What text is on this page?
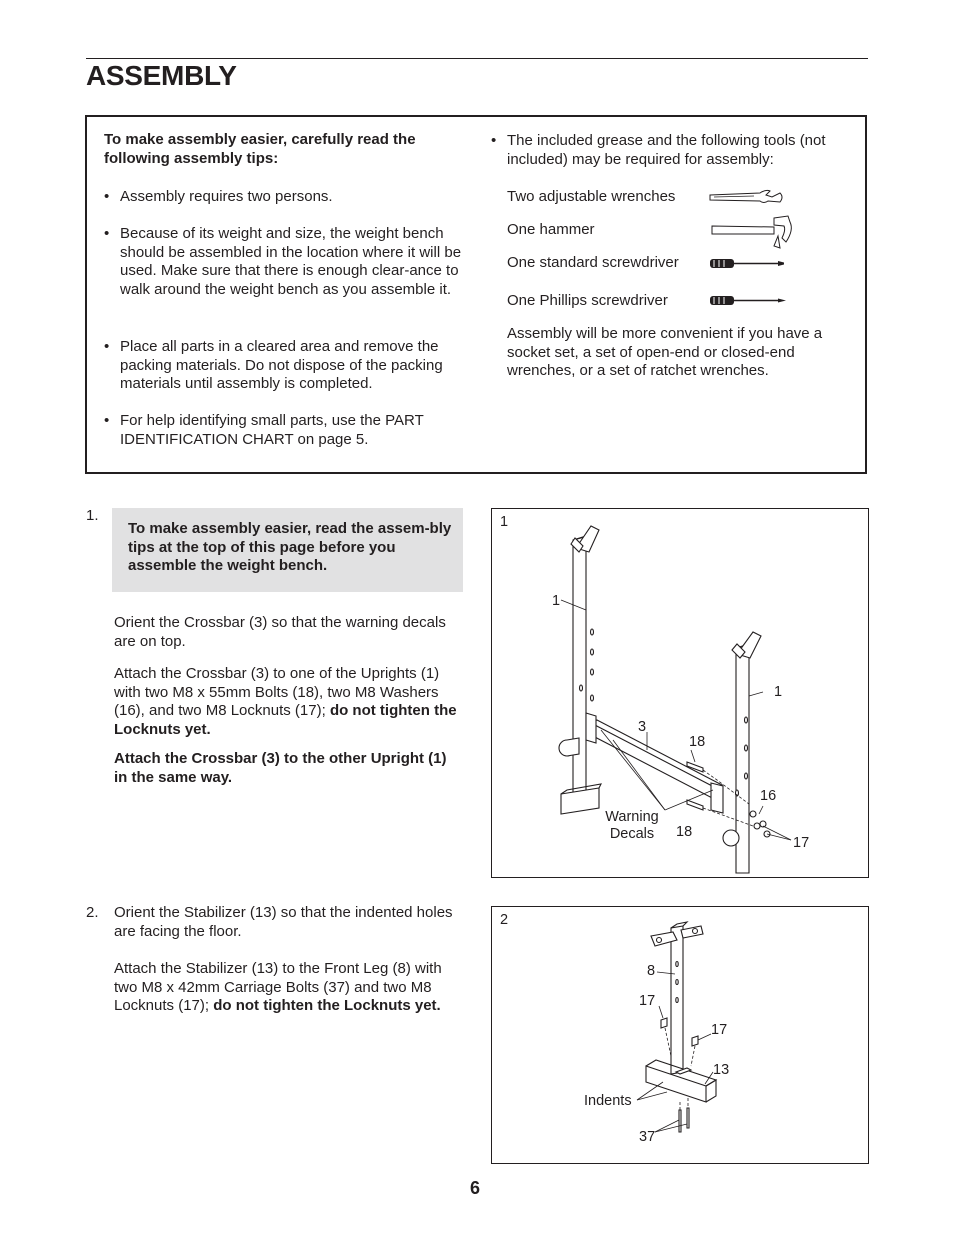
ASSEMBLY
To make assembly easier, carefully read the following assembly tips:
• Assembly requires two persons.
• Because of its weight and size, the weight bench should be assembled in the location where it will be used. Make sure that there is enough clear-ance to walk around the weight bench as you assemble it.
• Place all parts in a cleared area and remove the packing materials. Do not dispose of the packing materials until assembly is completed.
• For help identifying small parts, use the PART IDENTIFICATION CHART on page 5.
• The included grease and the following tools (not included) may be required for assembly:
Two adjustable wrenches
One hammer
One standard screwdriver
One Phillips screwdriver
Assembly will be more convenient if you have a socket set, a set of open-end or closed-end wrenches, or a set of ratchet wrenches.
1.
To make assembly easier, read the assem-bly tips at the top of this page before you assemble the weight bench.
Orient the Crossbar (3) so that the warning decals are on top.
Attach the Crossbar (3) to one of the Uprights (1) with two M8 x 55mm Bolts (18), two M8 Washers (16), and two M8 Locknuts (17); do not tighten the Locknuts yet.
Attach the Crossbar (3) to the other Upright (1) in the same way.
1
1
1
3
18
18
16
17
Warning Decals
2. Orient the Stabilizer (13) so that the indented holes are facing the floor.
Attach the Stabilizer (13) to the Front Leg (8) with two M8 x 42mm Carriage Bolts (37) and two M8 Locknuts (17); do not tighten the Locknuts yet.
2
8
17
17
13
Indents
37
6
